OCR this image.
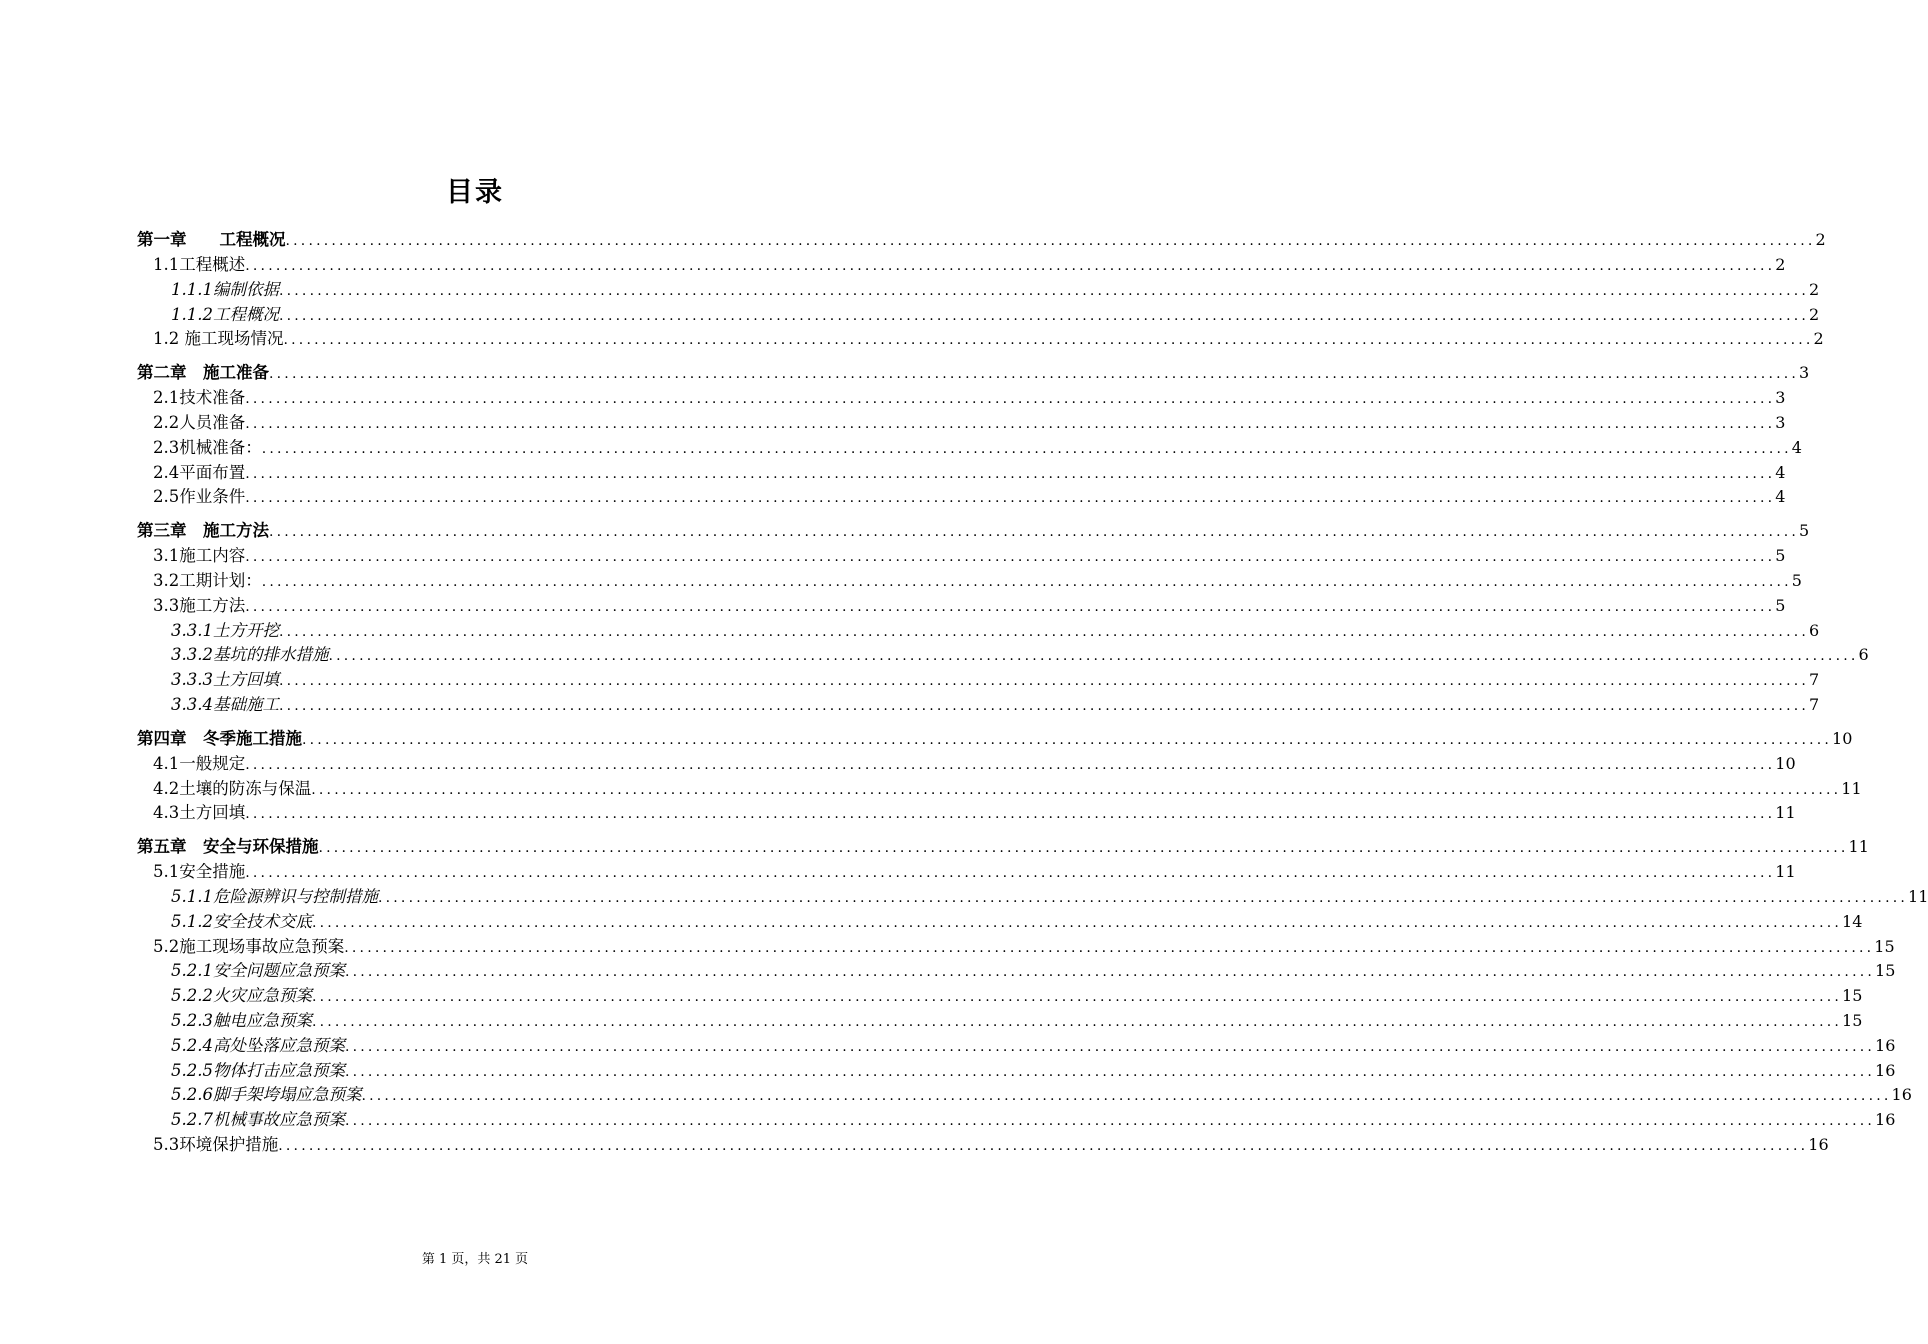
目录
第一章
　　 工程概况 ........................................................................................................................................................................................................ 2
1.1 工程概述 ........................................................................................................................................................................................................ 2
1.1.1 编制依据 ........................................................................................................................................................................................................ 2
1.1.2 工程概况 ........................................................................................................................................................................................................ 2
1.2
施工现场情况 ........................................................................................................................................................................................................ 2
第二章
　 施工准备 ........................................................................................................................................................................................................ 3
2.1 技术准备 ........................................................................................................................................................................................................ 3
2.2 人员准备 ........................................................................................................................................................................................................ 3
2.3 机械准备： ........................................................................................................................................................................................................ 4
2.4 平面布置 ........................................................................................................................................................................................................ 4
2.5 作业条件 ........................................................................................................................................................................................................ 4
第三章
　 施工方法 ........................................................................................................................................................................................................ 5
3.1 施工内容 ........................................................................................................................................................................................................ 5
3.2 工期计划： ........................................................................................................................................................................................................ 5
3.3 施工方法 ........................................................................................................................................................................................................ 5
3.3.1 土方开挖 ........................................................................................................................................................................................................ 6
3.3.2 基坑的排水措施 ........................................................................................................................................................................................................ 6
3.3.3 土方回填 ........................................................................................................................................................................................................ 7
3.3.4 基础施工 ........................................................................................................................................................................................................ 7
第四章
　 冬季施工措施 ........................................................................................................................................................................................................ 10
4.1 一般规定 ........................................................................................................................................................................................................ 10
4.2 土壤的防冻与保温 ........................................................................................................................................................................................................ 11
4.3 土方回填 ........................................................................................................................................................................................................ 11
第五章
　 安全与环保措施 ........................................................................................................................................................................................................ 11
5.1 安全措施 ........................................................................................................................................................................................................ 11
5.1.1 危险源辨识与控制措施 ........................................................................................................................................................................................................ 11
5.1.2 安全技术交底 ........................................................................................................................................................................................................ 14
5.2 施工现场事故应急预案 ........................................................................................................................................................................................................ 15
5.2.1 安全问题应急预案 ........................................................................................................................................................................................................ 15
5.2.2 火灾应急预案 ........................................................................................................................................................................................................ 15
5.2.3 触电应急预案 ........................................................................................................................................................................................................ 15
5.2.4 高处坠落应急预案 ........................................................................................................................................................................................................ 16
5.2.5 物体打击应急预案 ........................................................................................................................................................................................................ 16
5.2.6 脚手架垮塌应急预案 ........................................................................................................................................................................................................ 16
5.2.7 机械事故应急预案 ........................................................................................................................................................................................................ 16
5.3 环境保护措施 ........................................................................................................................................................................................................ 16
第 1 页，共 21 页
